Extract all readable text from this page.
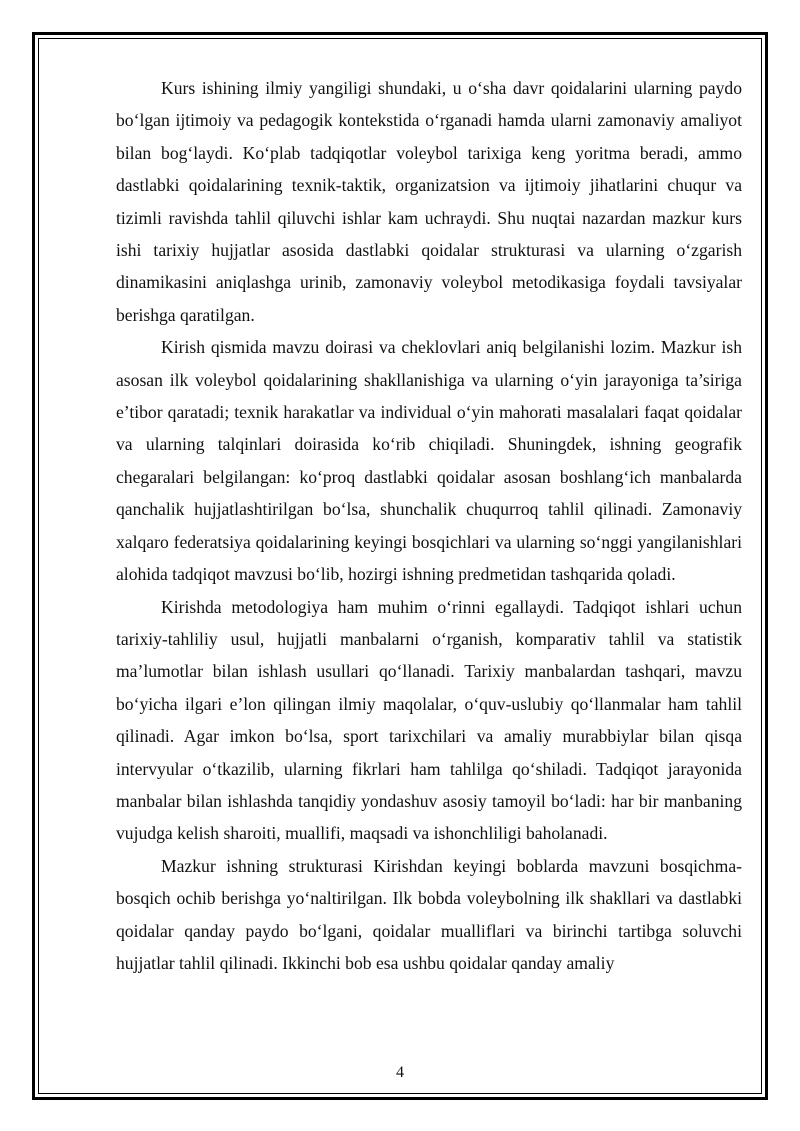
Kurs ishining ilmiy yangiligi shundaki, u o‘sha davr qoidalarini ularning paydo bo‘lgan ijtimoiy va pedagogik kontekstida o‘rganadi hamda ularni zamonaviy amaliyot bilan bog‘laydi. Ko‘plab tadqiqotlar voleybol tarixiga keng yoritma beradi, ammo dastlabki qoidalarining texnik-taktik, organizatsion va ijtimoiy jihatlarini chuqur va tizimli ravishda tahlil qiluvchi ishlar kam uchraydi. Shu nuqtai nazardan mazkur kurs ishi tarixiy hujjatlar asosida dastlabki qoidalar strukturasi va ularning o‘zgarish dinamikasini aniqlashga urinib, zamonaviy voleybol metodikasiga foydali tavsiyalar berishga qaratilgan.

Kirish qismida mavzu doirasi va cheklovlari aniq belgilanishi lozim. Mazkur ish asosan ilk voleybol qoidalarining shakllanishiga va ularning o‘yin jarayoniga ta’siriga e’tibor qaratadi; texnik harakatlar va individual o‘yin mahorati masalalari faqat qoidalar va ularning talqinlari doirasida ko‘rib chiqiladi. Shuningdek, ishning geografik chegaralari belgilangan: ko‘proq dastlabki qoidalar asosan boshlang‘ich manbalarda qanchalik hujjatlashtirilgan bo‘lsa, shunchalik chuqurroq tahlil qilinadi. Zamonaviy xalqaro federatsiya qoidalarining keyingi bosqichlari va ularning so‘nggi yangilanishlari alohida tadqiqot mavzusi bo‘lib, hozirgi ishning predmetidan tashqarida qoladi.

Kirishda metodologiya ham muhim o‘rinni egallaydi. Tadqiqot ishlari uchun tarixiy-tahliliy usul, hujjatli manbalarni o‘rganish, komparativ tahlil va statistik ma’lumotlar bilan ishlash usullari qo‘llanadi. Tarixiy manbalardan tashqari, mavzu bo‘yicha ilgari e’lon qilingan ilmiy maqolalar, o‘quv-uslubiy qo‘llanmalar ham tahlil qilinadi. Agar imkon bo‘lsa, sport tarixchilari va amaliy murabbiylar bilan qisqa intervyular o‘tkazilib, ularning fikrlari ham tahlilga qo‘shiladi. Tadqiqot jarayonida manbalar bilan ishlashda tanqidiy yondashuv asosiy tamoyil bo‘ladi: har bir manbaning vujudga kelish sharoiti, muallifi, maqsadi va ishonchliligi baholanadi.

Mazkur ishning strukturasi Kirishdan keyingi boblarda mavzuni bosqichma-bosqich ochib berishga yo‘naltirilgan. Ilk bobda voleybolning ilk shakllari va dastlabki qoidalar qanday paydo bo‘lgani, qoidalar mualliflari va birinchi tartibga soluvchi hujjatlar tahlil qilinadi. Ikkinchi bob esa ushbu qoidalar qanday amaliy

4
